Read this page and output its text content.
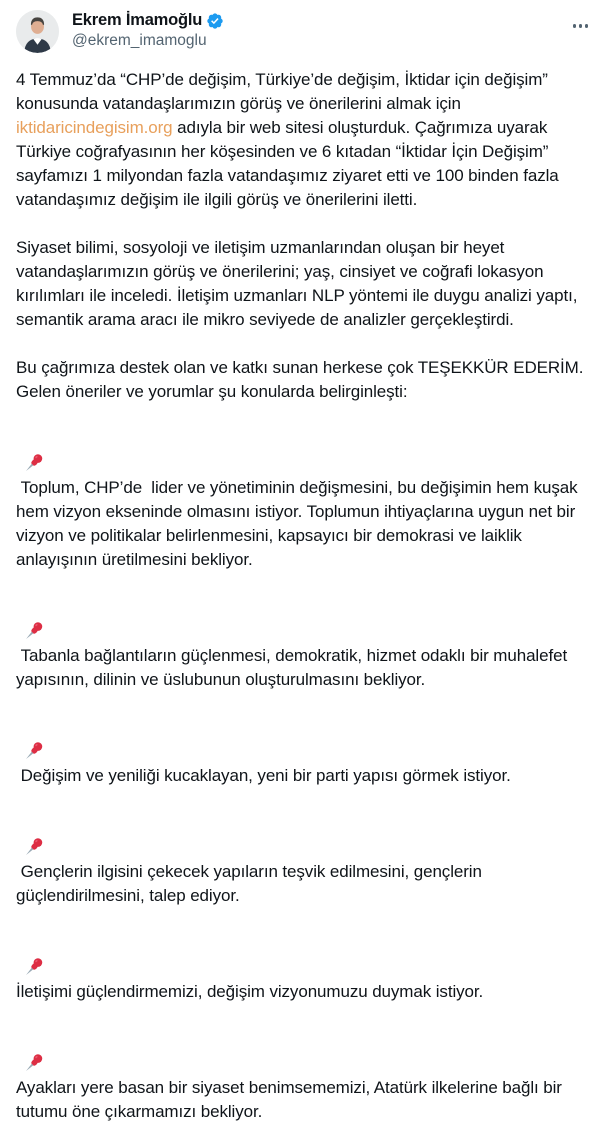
Ekrem İmamoğlu
@ekrem_imamoglu
4 Temmuz’da “CHP’de değişim, Türkiye’de değişim, İktidar için değişim” konusunda vatandaşlarımızın görüş ve önerilerini almak için iktidaricindegisim.org adıyla bir web sitesi oluşturduk. Çağrımıza uyarak Türkiye coğrafyasının her köşesinden ve 6 kıtadan “İktidar İçin Değişim” sayfamızı 1 milyondan fazla vatandaşımız ziyaret etti ve 100 binden fazla vatandaşımız değişim ile ilgili görüş ve önerilerini iletti.
Siyaset bilimi, sosyoloji ve iletişim uzmanlarından oluşan bir heyet vatandaşlarımızın görüş ve önerilerini; yaş, cinsiyet ve coğrafi lokasyon kırılımları ile inceledi. İletişim uzmanları NLP yöntemi ile duygu analizi yaptı, semantik arama aracı ile mikro seviyede de analizler gerçekleştirdi.
Bu çağrımıza destek olan ve katkı sunan herkese çok TEŞEKKÜR EDERİM. Gelen öneriler ve yorumlar şu konularda belirginleşti:

Toplum, CHP’de  lider ve yönetiminin değişmesini, bu değişimin hem kuşak hem vizyon ekseninde olmasını istiyor. Toplumun ihtiyaçlarına uygun net bir vizyon ve politikalar belirlenmesini, kapsayıcı bir demokrasi ve laiklik anlayışının üretilmesini bekliyor.

Tabanla bağlantıların güçlenmesi, demokratik, hizmet odaklı bir muhalefet yapısının, dilinin ve üslubunun oluşturulmasını bekliyor.

Değişim ve yeniliği kucaklayan, yeni bir parti yapısı görmek istiyor.

Gençlerin ilgisini çekecek yapıların teşvik edilmesini, gençlerin güçlendirilmesini, talep ediyor.

İletişimi güçlendirmemizi, değişim vizyonumuzu duymak istiyor.

Ayakları yere basan bir siyaset benimsememizi, Atatürk ilkelerine bağlı bir tutumu öne çıkarmamızı bekliyor.
